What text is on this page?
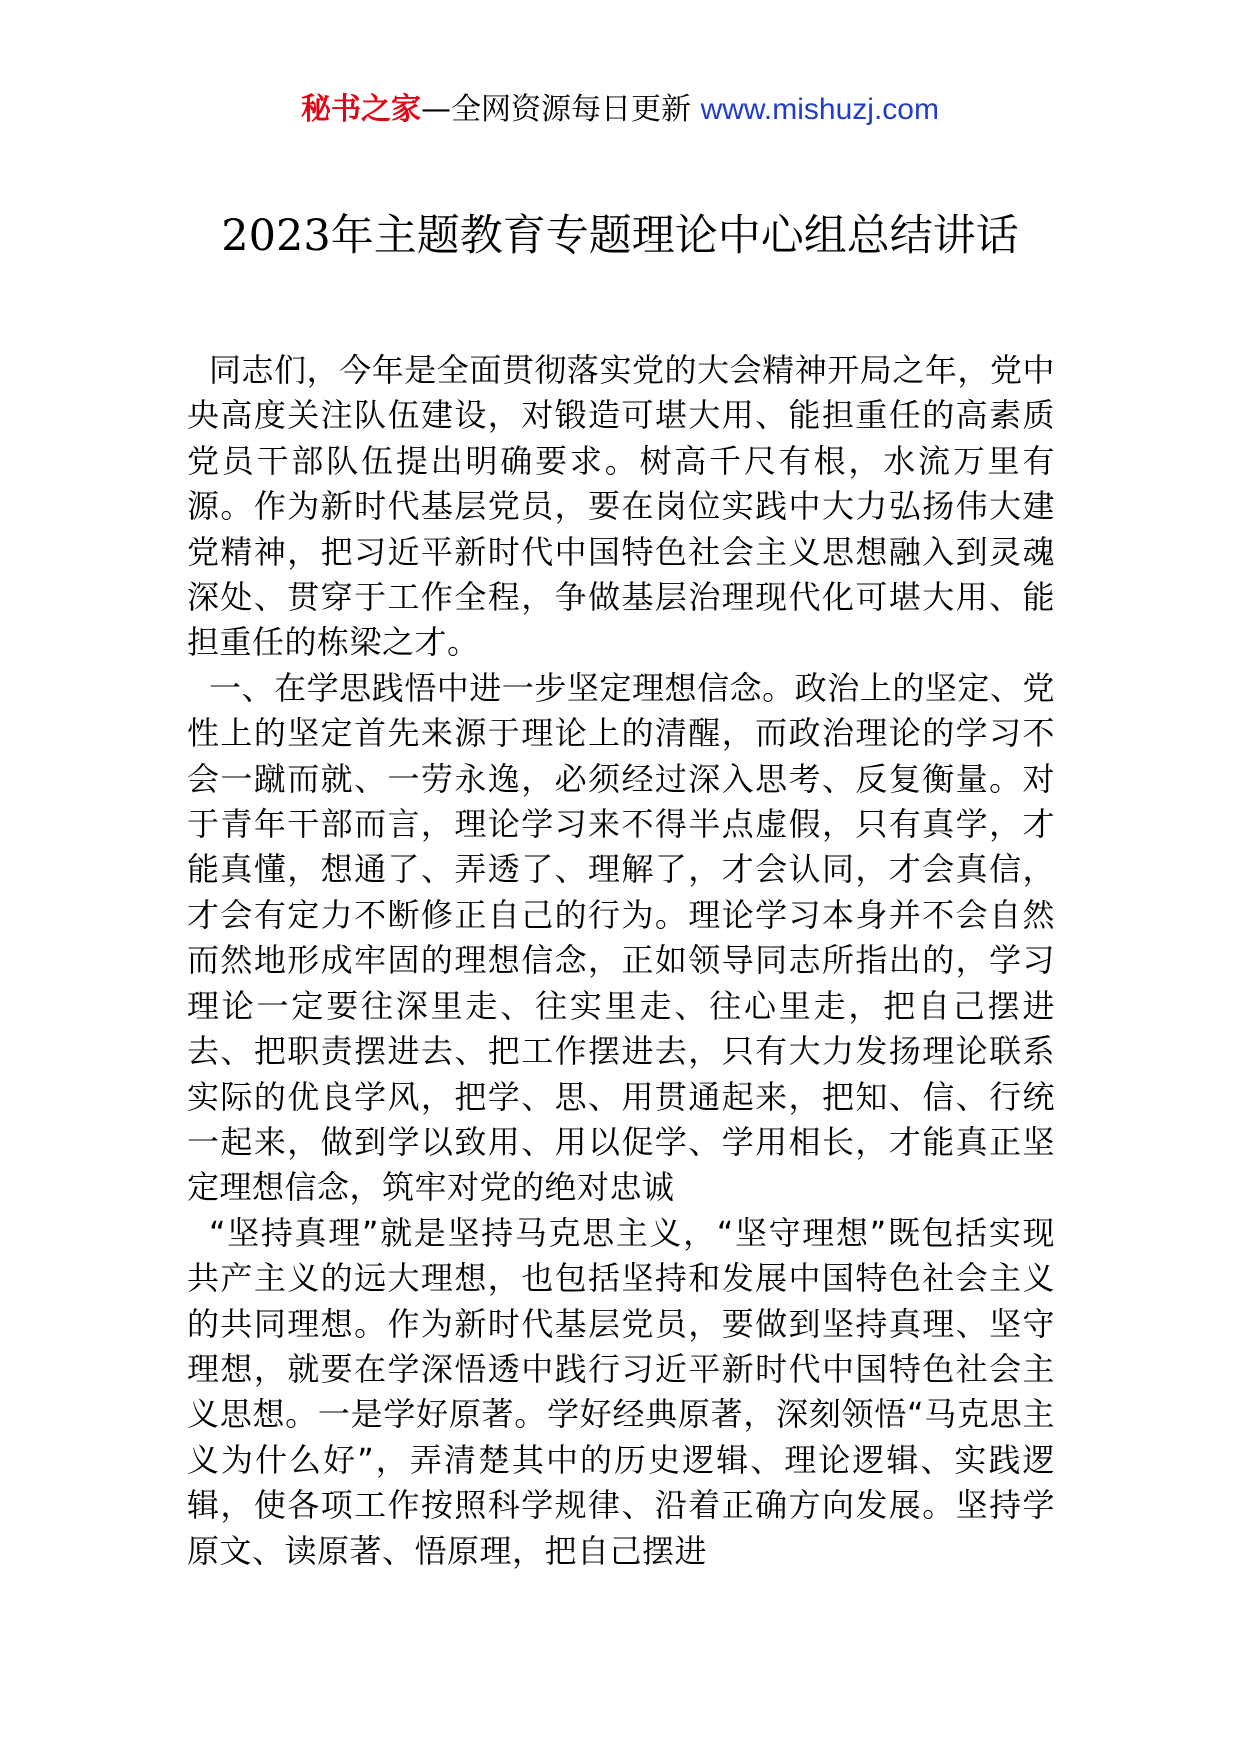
秘书之家—全网资源每日更新 www.mishuzj.com
2023年主题教育专题理论中心组总结讲话

同志们，今年是全面贯彻落实党的大会精神开局之年，党中央高度关注队伍建设，对锻造可堪大用、能担重任的高素质党员干部队伍提出明确要求。树高千尺有根，水流万里有源。作为新时代基层党员，要在岗位实践中大力弘扬伟大建党精神，把习近平新时代中国特色社会主义思想融入到灵魂深处、贯穿于工作全程，争做基层治理现代化可堪大用、能担重任的栋梁之才。

一、在学思践悟中进一步坚定理想信念。政治上的坚定、党性上的坚定首先来源于理论上的清醒，而政治理论的学习不会一蹴而就、一劳永逸，必须经过深入思考、反复衡量。对于青年干部而言，理论学习来不得半点虚假，只有真学，才能真懂，想通了、弄透了、理解了，才会认同，才会真信，才会有定力不断修正自己的行为。理论学习本身并不会自然而然地形成牢固的理想信念，正如领导同志所指出的，学习理论一定要往深里走、往实里走、往心里走，把自己摆进去、把职责摆进去、把工作摆进去，只有大力发扬理论联系实际的优良学风，把学、思、用贯通起来，把知、信、行统一起来，做到学以致用、用以促学、学用相长，才能真正坚定理想信念，筑牢对党的绝对忠诚

“坚持真理”就是坚持马克思主义，“坚守理想”既包括实现共产主义的远大理想，也包括坚持和发展中国特色社会主义的共同理想。作为新时代基层党员，要做到坚持真理、坚守理想，就要在学深悟透中践行习近平新时代中国特色社会主义思想。一是学好原著。学好经典原著，深刻领悟“马克思主义为什么好”，弄清楚其中的历史逻辑、理论逻辑、实践逻辑，使各项工作按照科学规律、沿着正确方向发展。坚持学原文、读原著、悟原理，把自己摆进
